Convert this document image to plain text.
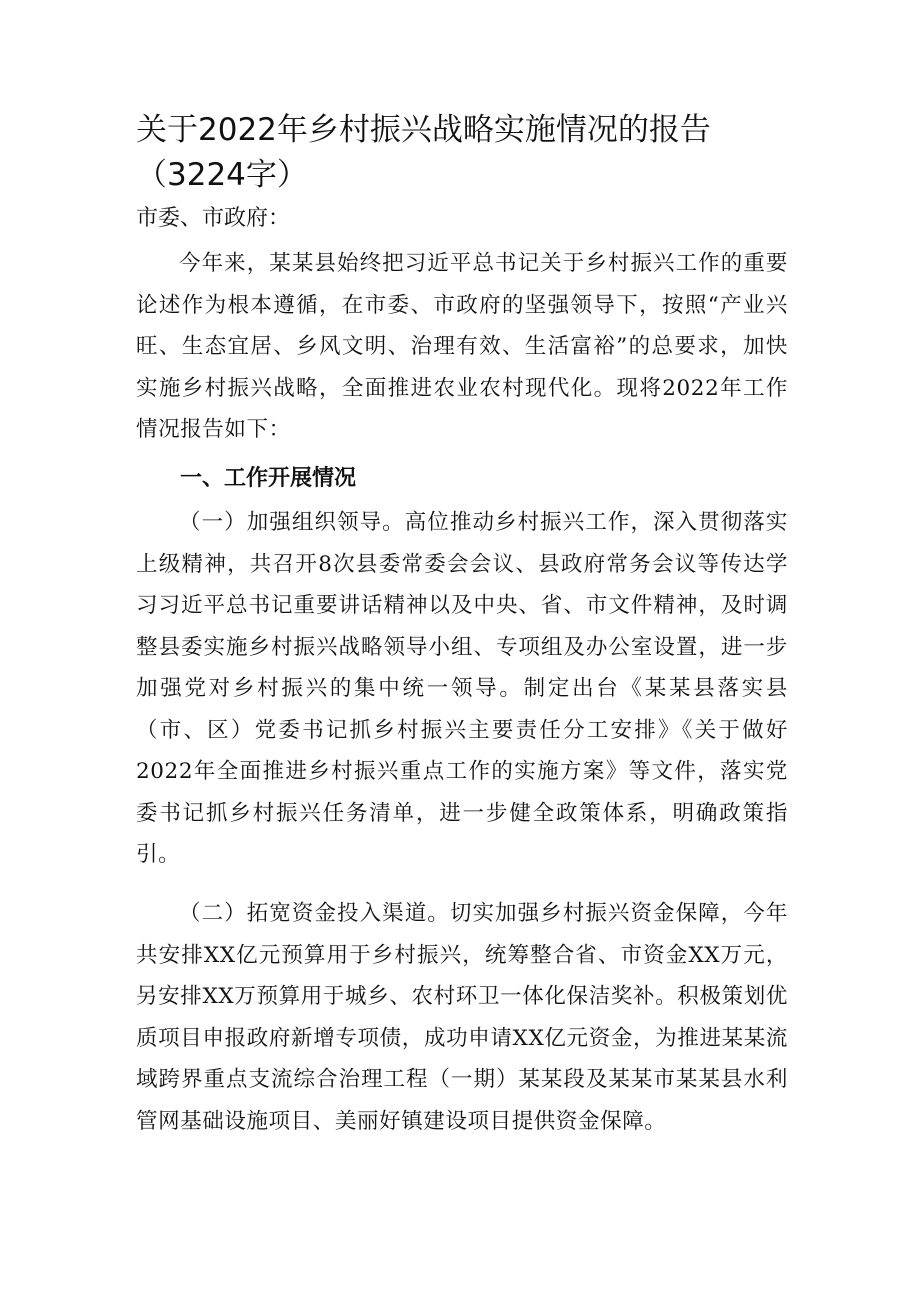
关于2022年乡村振兴战略实施情况的报告（3224字）

市委、市政府：

今年来，某某县始终把习近平总书记关于乡村振兴工作的重要论述作为根本遵循，在市委、市政府的坚强领导下，按照“产业兴旺、生态宜居、乡风文明、治理有效、生活富裕”的总要求，加快实施乡村振兴战略，全面推进农业农村现代化。现将2022年工作情况报告如下：

一、工作开展情况

（一）加强组织领导。高位推动乡村振兴工作，深入贯彻落实上级精神，共召开8次县委常委会会议、县政府常务会议等传达学习习近平总书记重要讲话精神以及中央、省、市文件精神，及时调整县委实施乡村振兴战略领导小组、专项组及办公室设置，进一步加强党对乡村振兴的集中统一领导。制定出台《某某县落实县（市、区）党委书记抓乡村振兴主要责任分工安排》《关于做好2022年全面推进乡村振兴重点工作的实施方案》等文件，落实党委书记抓乡村振兴任务清单，进一步健全政策体系，明确政策指引。

（二）拓宽资金投入渠道。切实加强乡村振兴资金保障，今年共安排XX亿元预算用于乡村振兴，统筹整合省、市资金XX万元，另安排XX万预算用于城乡、农村环卫一体化保洁奖补。积极策划优质项目申报政府新增专项债，成功申请XX亿元资金，为推进某某流域跨界重点支流综合治理工程（一期）某某段及某某市某某县水利管网基础设施项目、美丽好镇建设项目提供资金保障。
